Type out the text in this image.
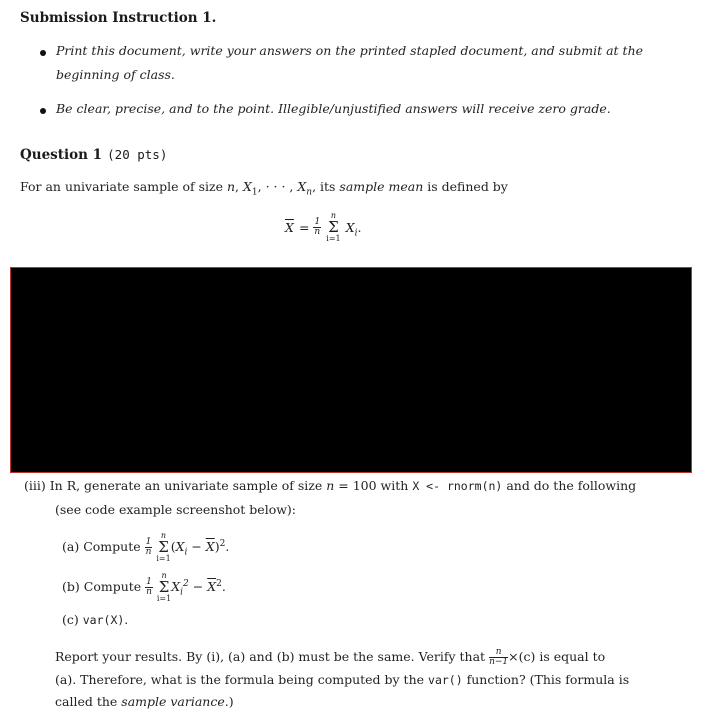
Submission Instruction 1.
Print this document, write your answers on the printed stapled document, and submit at the
beginning of class.
Be clear, precise, and to the point. Illegible/unjustified answers will receive zero grade.
Question 1 (20 pts)
For an univariate sample of size n, $X_1$, · · · , $X_n$, its sample mean is defined by
$\overline{X} = \frac{1}{n}$
n
Σ
i=1 $X_i$.
(iii) In R, generate an univariate sample of size n = 100 with X <- rnorm(n) and do the following
(see code example screenshot below):
(a) Compute $\frac{1}{n}$
n
Σ
$i=1(X_i - \overline{X})^2$.
(b) Compute $\frac{1}{n}$
n
Σ
$i=1X_i^2 - \overline{X}^2$.
(c) var(X).
Report your results. By (i), (a) and (b) must be the same. Verify that $\frac{n}{n-1} \times(c)$ is equal to
(a). Therefore, what is the formula being computed by the var() function? (This formula is
called the sample variance.)
